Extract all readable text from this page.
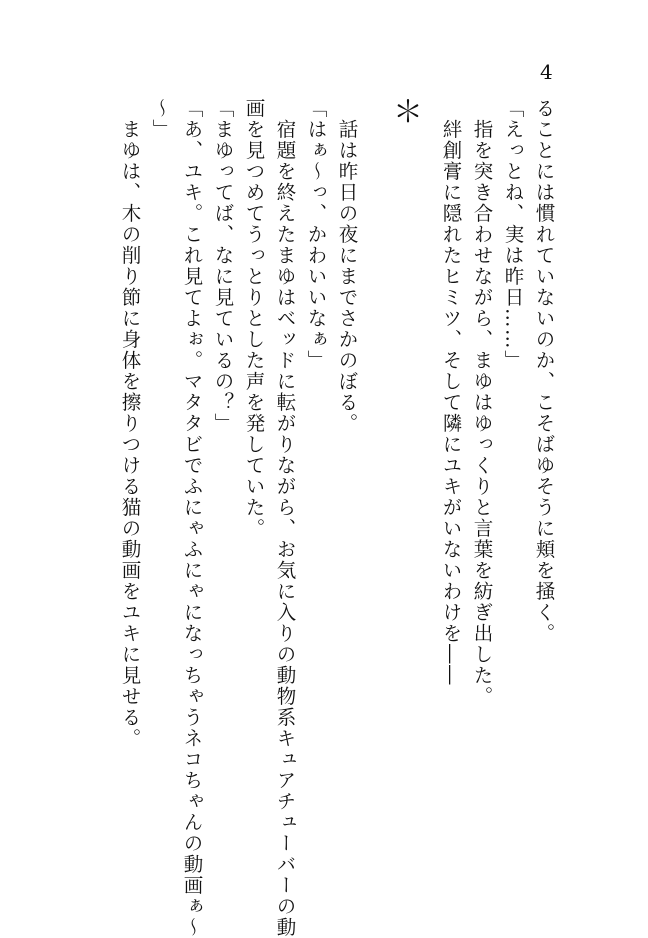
4
ることには慣れていないのか、こそばゆそうに頬を掻く。
「えっとね、実は昨日……」
　指を突き合わせながら、まゆはゆっくりと言葉を紡ぎ出した。
　絆創膏に隠れたヒミツ、そして隣にユキがいないわけを――
＊
　話は昨日の夜にまでさかのぼる。
「はぁ〜っ、かわいいなぁ」
　宿題を終えたまゆはベッドに転がりながら、お気に入りの動物系キュアチューバーの動
画を見つめてうっとりとした声を発していた。
「まゆってば、なに見ているの？」
「あ、ユキ。これ見てよぉ。マタタビでふにゃふにゃになっちゃうネコちゃんの動画ぁ〜
〜」
　まゆは、木の削り節に身体を擦りつける猫の動画をユキに見せる。
